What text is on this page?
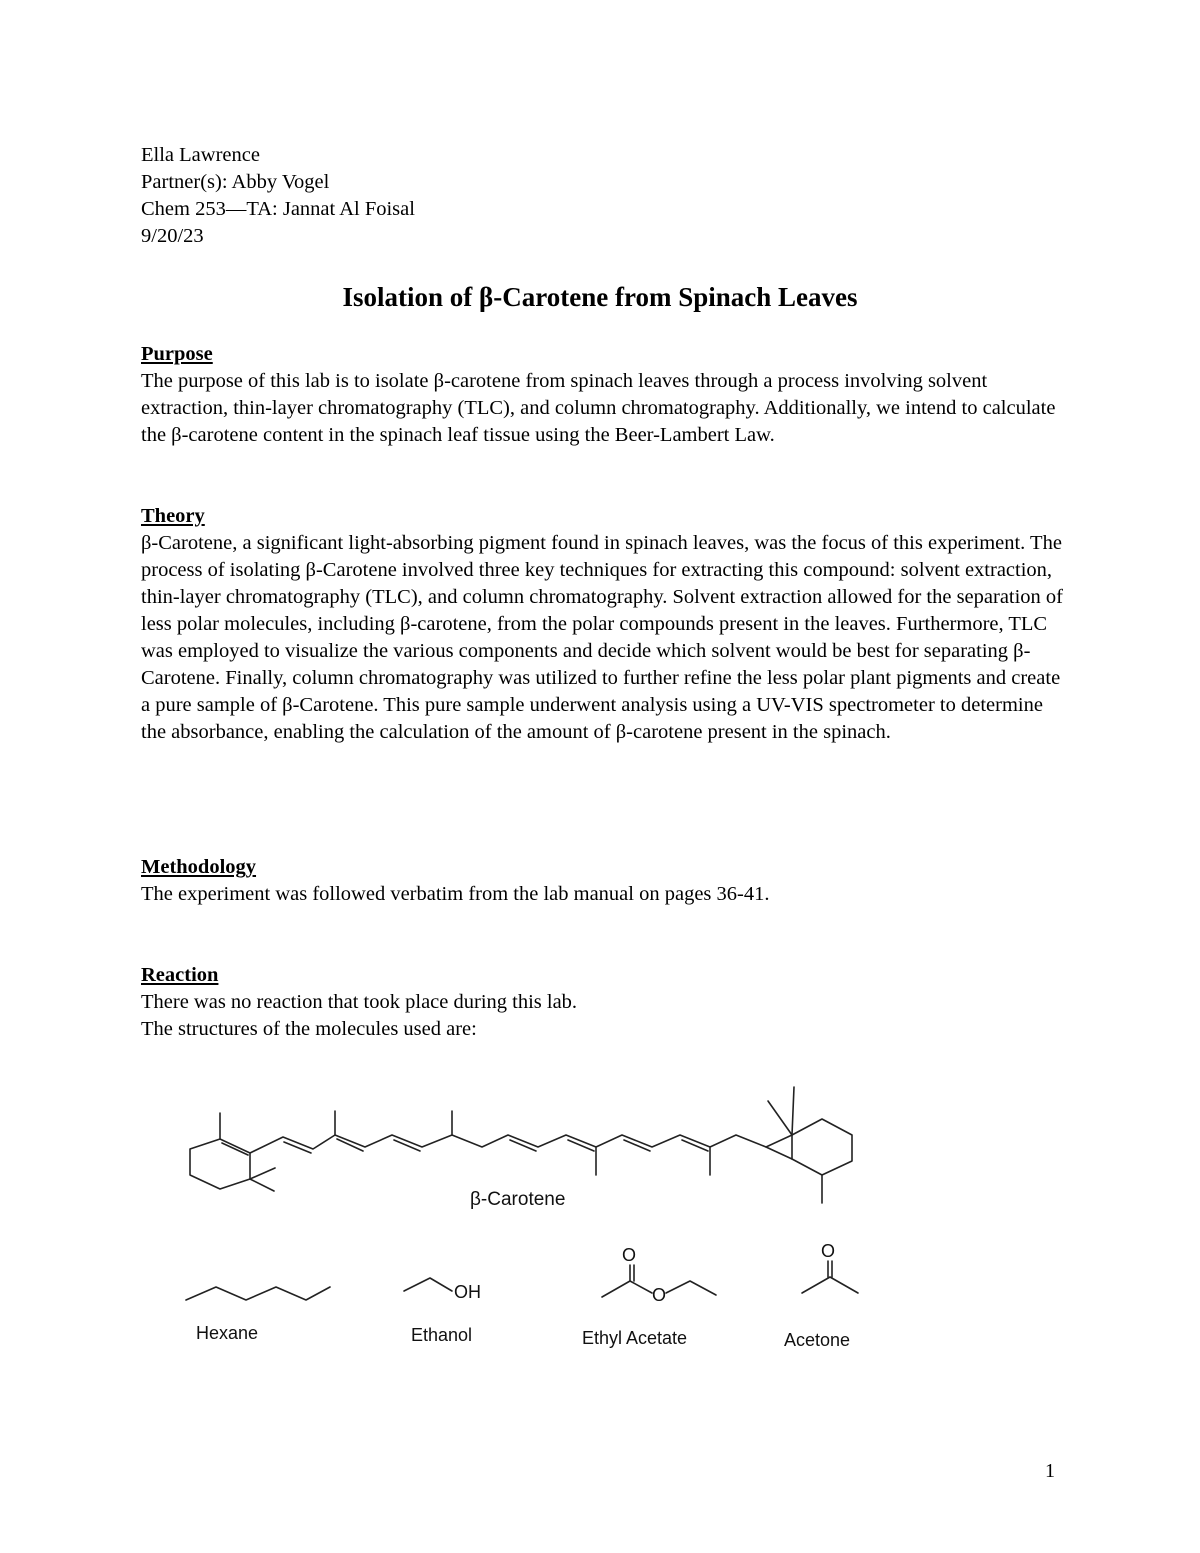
Ella Lawrence
Partner(s): Abby Vogel
Chem 253—TA: Jannat Al Foisal
9/20/23
Isolation of β-Carotene from Spinach Leaves
Purpose

The purpose of this lab is to isolate β-carotene from spinach leaves through a process involving solvent extraction, thin-layer chromatography (TLC), and column chromatography. Additionally, we intend to calculate the β-carotene content in the spinach leaf tissue using the Beer-Lambert Law.

Theory

β-Carotene, a significant light-absorbing pigment found in spinach leaves, was the focus of this experiment. The process of isolating β-Carotene involved three key techniques for extracting this compound: solvent extraction, thin-layer chromatography (TLC), and column chromatography. Solvent extraction allowed for the separation of less polar molecules, including β-carotene, from the polar compounds present in the leaves. Furthermore, TLC was employed to visualize the various components and decide which solvent would be best for separating β-Carotene. Finally, column chromatography was utilized to further refine the less polar plant pigments and create a pure sample of β-Carotene. This pure sample underwent analysis using a UV-VIS spectrometer to determine the absorbance, enabling the calculation of the amount of β-carotene present in the spinach.

Methodology

The experiment was followed verbatim from the lab manual on pages 36-41.

Reaction

There was no reaction that took place during this lab.

The structures of the molecules used are:

β-Carotene
OH
O
O
O
Hexane	Ethanol	Ethyl Acetate	Acetone
1
